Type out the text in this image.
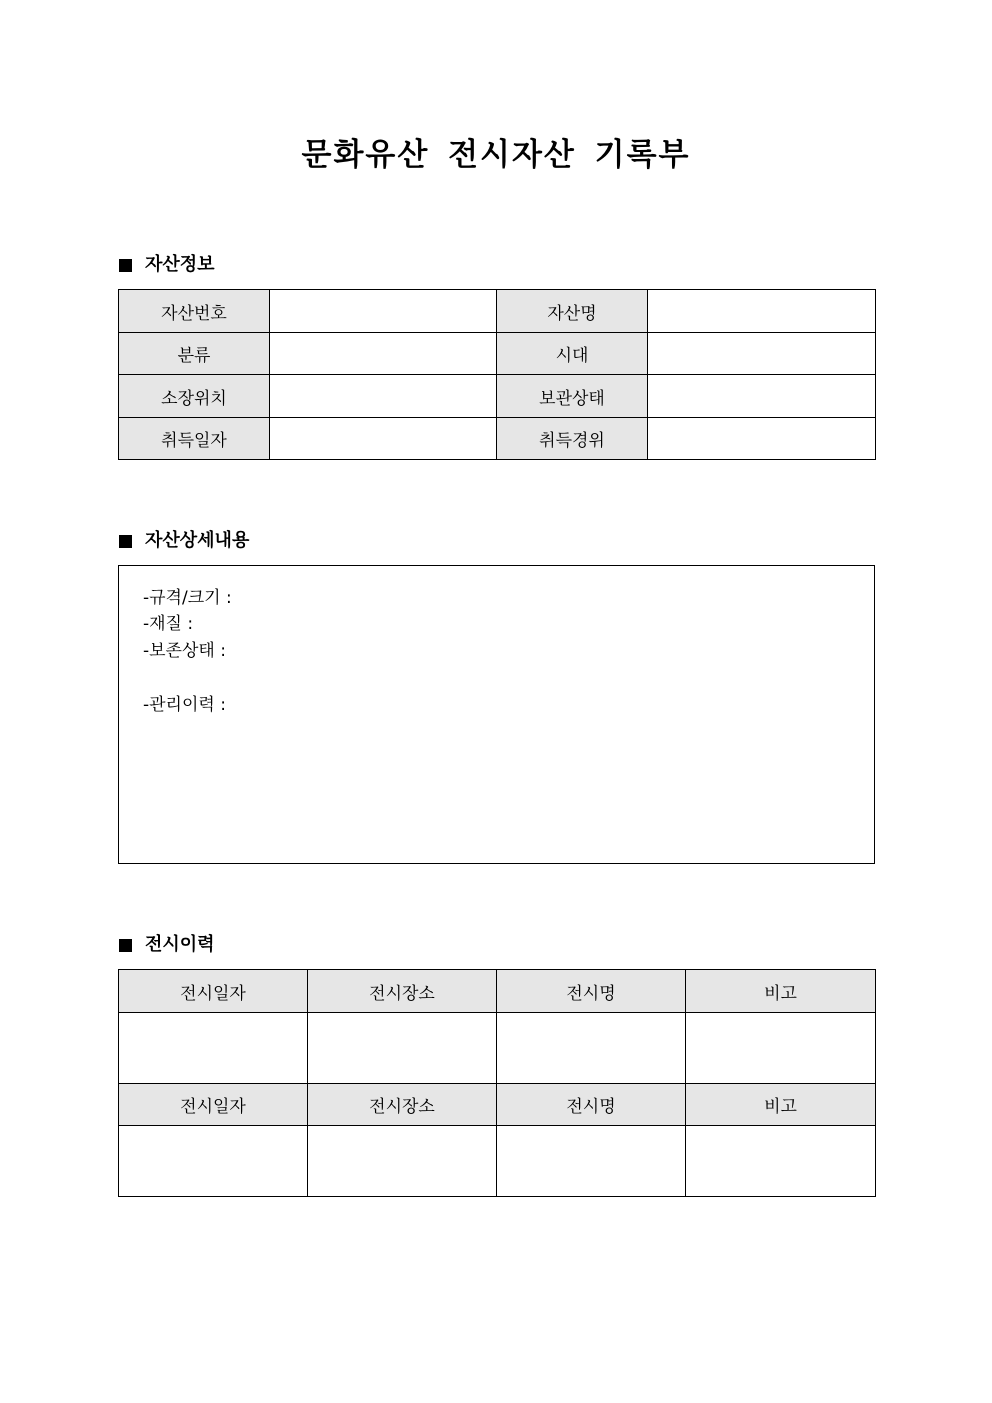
문화유산 전시자산 기록부
자산정보
자산번호		자산명	
분류		시대	
소장위치		보관상태	
취득일자		취득경위	
자산상세내용
-규격/크기 :
-재질 :
-보존상태 :
-관리이력 :
전시이력
전시일자	전시장소	전시명	비고

전시일자	전시장소	전시명	비고
